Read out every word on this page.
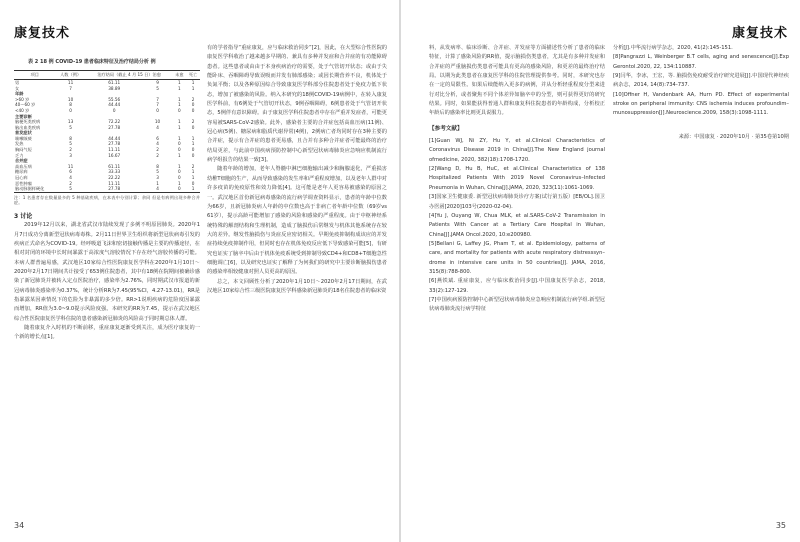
康复技术
表 2 18 例 COVID-19 患者临床特征及治疗结局分析 例
项目	人数（例）	治疗结局（截止 4 月 15 日）治愈		未愈	死亡
男	11	61.11	9	1	1
女	7	38.89	5	1	1
年龄					
>60 岁	10	55.56	7	1	2
40～60 岁	8	44.44	7	1	0
<40 岁	0	0	0	0	0
主要诊断					
脑梗死类疾病	13	72.22	10	1	2
脑出血类疾病	5	27.78	4	1	0
首发症状					
咳嗽咳痰	8	44.44	6	1	1
发热	5	27.78	4	0	1
胸闷气短	2	11.11	2	0	0
乏力	3	16.67	2	1	0
合并症					
高血压病	11	61.11	8	1	2
糖尿病	6	33.33	5	0	1
冠心病	4	22.22	3	0	1
恶性肿瘤	2	11.11	1	1	0
脑动脉粥样硬化	5	27.78	4	0	1
注：1 名患者存在数量最多的 5 种基础疾病，在本表中分别计算；余同 但是有病例出现多种合并症。

3 讨论

2019年12月以来，湖北省武汉市陆续发现了多例不明原因肺炎。2020年1月7日成功分离新型冠状病毒毒株。2月11日世界卫生组织将新型冠状病毒引发的疾病正式命名为COVID-19。经呼吸道飞沫和密切接触传播是主要的传播途径，在相对封闭的环境中长时间暴露于高浓度气溶胶情况下存在经气溶胶传播的可能。本病人群普遍易感，武汉地区10家综合性医院康复医学科在2020年1月10日～2020年2月17日期间共计接受了653例住院患者，其中有18例在院期间被确诊感染了新冠肺炎并被转入定点医院治疗，感染率为2.76%，同时期武汉市报道的新冠病毒肺炎感染率为0.37%，统计分析RR为7.45(95%CI，4.27-13.01)，RR是指暴露某因素情况下的危险为非暴露的多少倍。RR>1说明疾病的危险度因暴露而增加，RR值为3.0~9.0提示风险度强。本研究的RR为7.45，提示在武汉地区综合性医院康复医学科住院的患者感染新冠肺炎的风险高于同时期总体人群。

随着康复介入时机的不断前移，重症康复逐渐受到关注，成为医疗康复的一个新的增长点[1]。

有的学者指导“重症康复，应与临床救治同步”[2]，因此，在大型综合性医院的康复医学科收治了越来越多早期的、兼具有多种并发症和合并症的有功能障碍患者。这些患者或由由于本身疾病治疗的需要，处于气管切开状态；或由于失能卧床、吞咽障碍导致误吸而并发有肺部感染；或因长期营养不良，机体处于负氮平衡；以及各种原因综合导致康复医学科部分住院患者处于免疫力低下状态，增加了被感染的风险。纳入本研究的18例COVID-19病例中，在转入康复医学科前，有6例处于气管切开状态，9例吞咽障碍，6例患者处于气管切开状态，5例伴有意识障碍。由于康复医学科住院患者中存在严重并发症者，可能更容易被SARS-CoV-2感染。此外，感染者主要的合并症包括高血压病(11例)、冠心病(5例)、糖尿病和脂质代谢异常(4例)，2例病亡者均同时存在3种主要的合并症，提示有合并症的患者更易感，且合并有多种合并症者可能最终的治疗结局更差，与此前中国疾病预防控制中心新型冠状病毒肺炎应急响应机制流行病学组报告的结果一致[3]。

随着年龄的增加，老年人脊髓中淋巴细胞输出减少和胸腺退化，严重损害幼稚T细胞的生产，从而导致感染的发生率和严重程度增加，以及老年人群中对许多疫苗的免疫原性和效力降低[4]。这可能是老年人更容易被感染的原因之一。武汉地区首份新冠病毒感染的流行病学调查资料显示，患者的年龄中位数为66岁，且新冠肺炎病人年龄的中位数也高于非病亡者年龄中位数（69岁vs 61岁），提示高龄可能增加了感染的风险和感染的严重程度。由于中枢神经系统特殊的解剖结构和生理机制，造成了脑损伤后常继发与机体其他系统存在较大的差异。继发性脑损伤与炎症反应密切相关。早期免疫抑制构成该应的并发症持续免疫抑制作用，但同时也存在机体免疫反应低下导致感染可能[5]，有研究也证实了脑卒中后由于机体免疫系统受到抑制导致CD4+和CD8+T细胞急性细胞调亡[6]，以及研究也证实了解释了为何我们的研究中主要诊断脑损伤患者的感染率相较健康对照人员更高的原因。

总之，本文回顾性分析了2020年1月10日～2020年2月17日期间，在武汉地区10家综合性三级医院康复医学科感染新冠肺炎的18名住院患者的临床资

34
康复技术

料，从发病率、临床诊断、合并症、并发症等方面描述性分析了患者的临床特征，计算了感染风险的RR值，提示脑损伤类患者，尤其是有多种并发症和合并症的严重脑损伤类患者可能具有更高的感染风险，和更差的最终治疗结局。以期为此类患者在康复医学科的住院管理提供参考。同时，本研究也存在一定的局限性。如果后续能纳入更多的病例，并从分析轻重程度分型来进行对比分析，或者聚焦不同个体差异如脑卒中的分型，则可获得更好的研究结果。同时，如果能获得普通人群和康复科住院患者的年龄构成，分析校正年龄后的感染率比则更具说服力。

【参考文献】

[1]Guan WJ, Ni ZY, Hu Y, et al.Clinical Characteristics of Coronavirus Disease 2019 in China[J].The New England journal ofmedicine, 2020, 382(18):1708-1720.

[2]Wang D, Hu B, HuC, et al.Clinical Characteristics of 138 Hospitalized Patients With 2019 Novel Coronavirus–Infected Pneumonia in Wuhan, China[J].JAMA, 2020, 323(11):1061-1069.

[3]国家卫生健康委. 新型冠状病毒肺炎诊疗方案(试行第五版）[EB/OL].国卫办医函[2020]103号(2020-02-04).

[4]Yu J, Ouyang W, Chua MLK, et al.SARS-CoV-2 Transmission in Patients With Cancer at a Tertiary Care Hospital in Wuhan, China[J].JAMA Oncol.2020, 10:e200980.

[5]Bellani G, Laffey JG, Pham T, et al. Epidemiology, patterns of care, and mortality for patients with acute respiratory distresssyn–drome in intensive care units in 50 countries[J]. JAMA, 2016, 315(8):788-800.

[6]燕铁斌. 重症康复，应与临床救治同步[J].中国康复医学杂志，2018, 33(2):127-129.

[7]中国疾病预防控制中心新型冠状病毒肺炎应急响应机制流行病学组.新型冠状病毒肺炎流行病学特征

分析[J].中华流行病学杂志，2020, 41(2):145-151.

[8]Pangrazzi L, Weinberger B.T cells, aging and senescence[J].Exp Gerontol.2020, 22, 134:110887.

[9]闫华，李冰，王宏，等. 脑损伤免疫耐受治疗研究进展[J].中国现代神经疾病杂志，2014, 14(8):734-737.

[10]Offner H, Vandenbark AA, Hurn PD. Effect of experimental stroke on peripheral immunity: CNS ischemia induces profoundim–munosuppression[J].Neuroscience.2009, 158(3):1098-1111.

来源：中国康复 · 2020年10月 · 第35卷第10期
35
